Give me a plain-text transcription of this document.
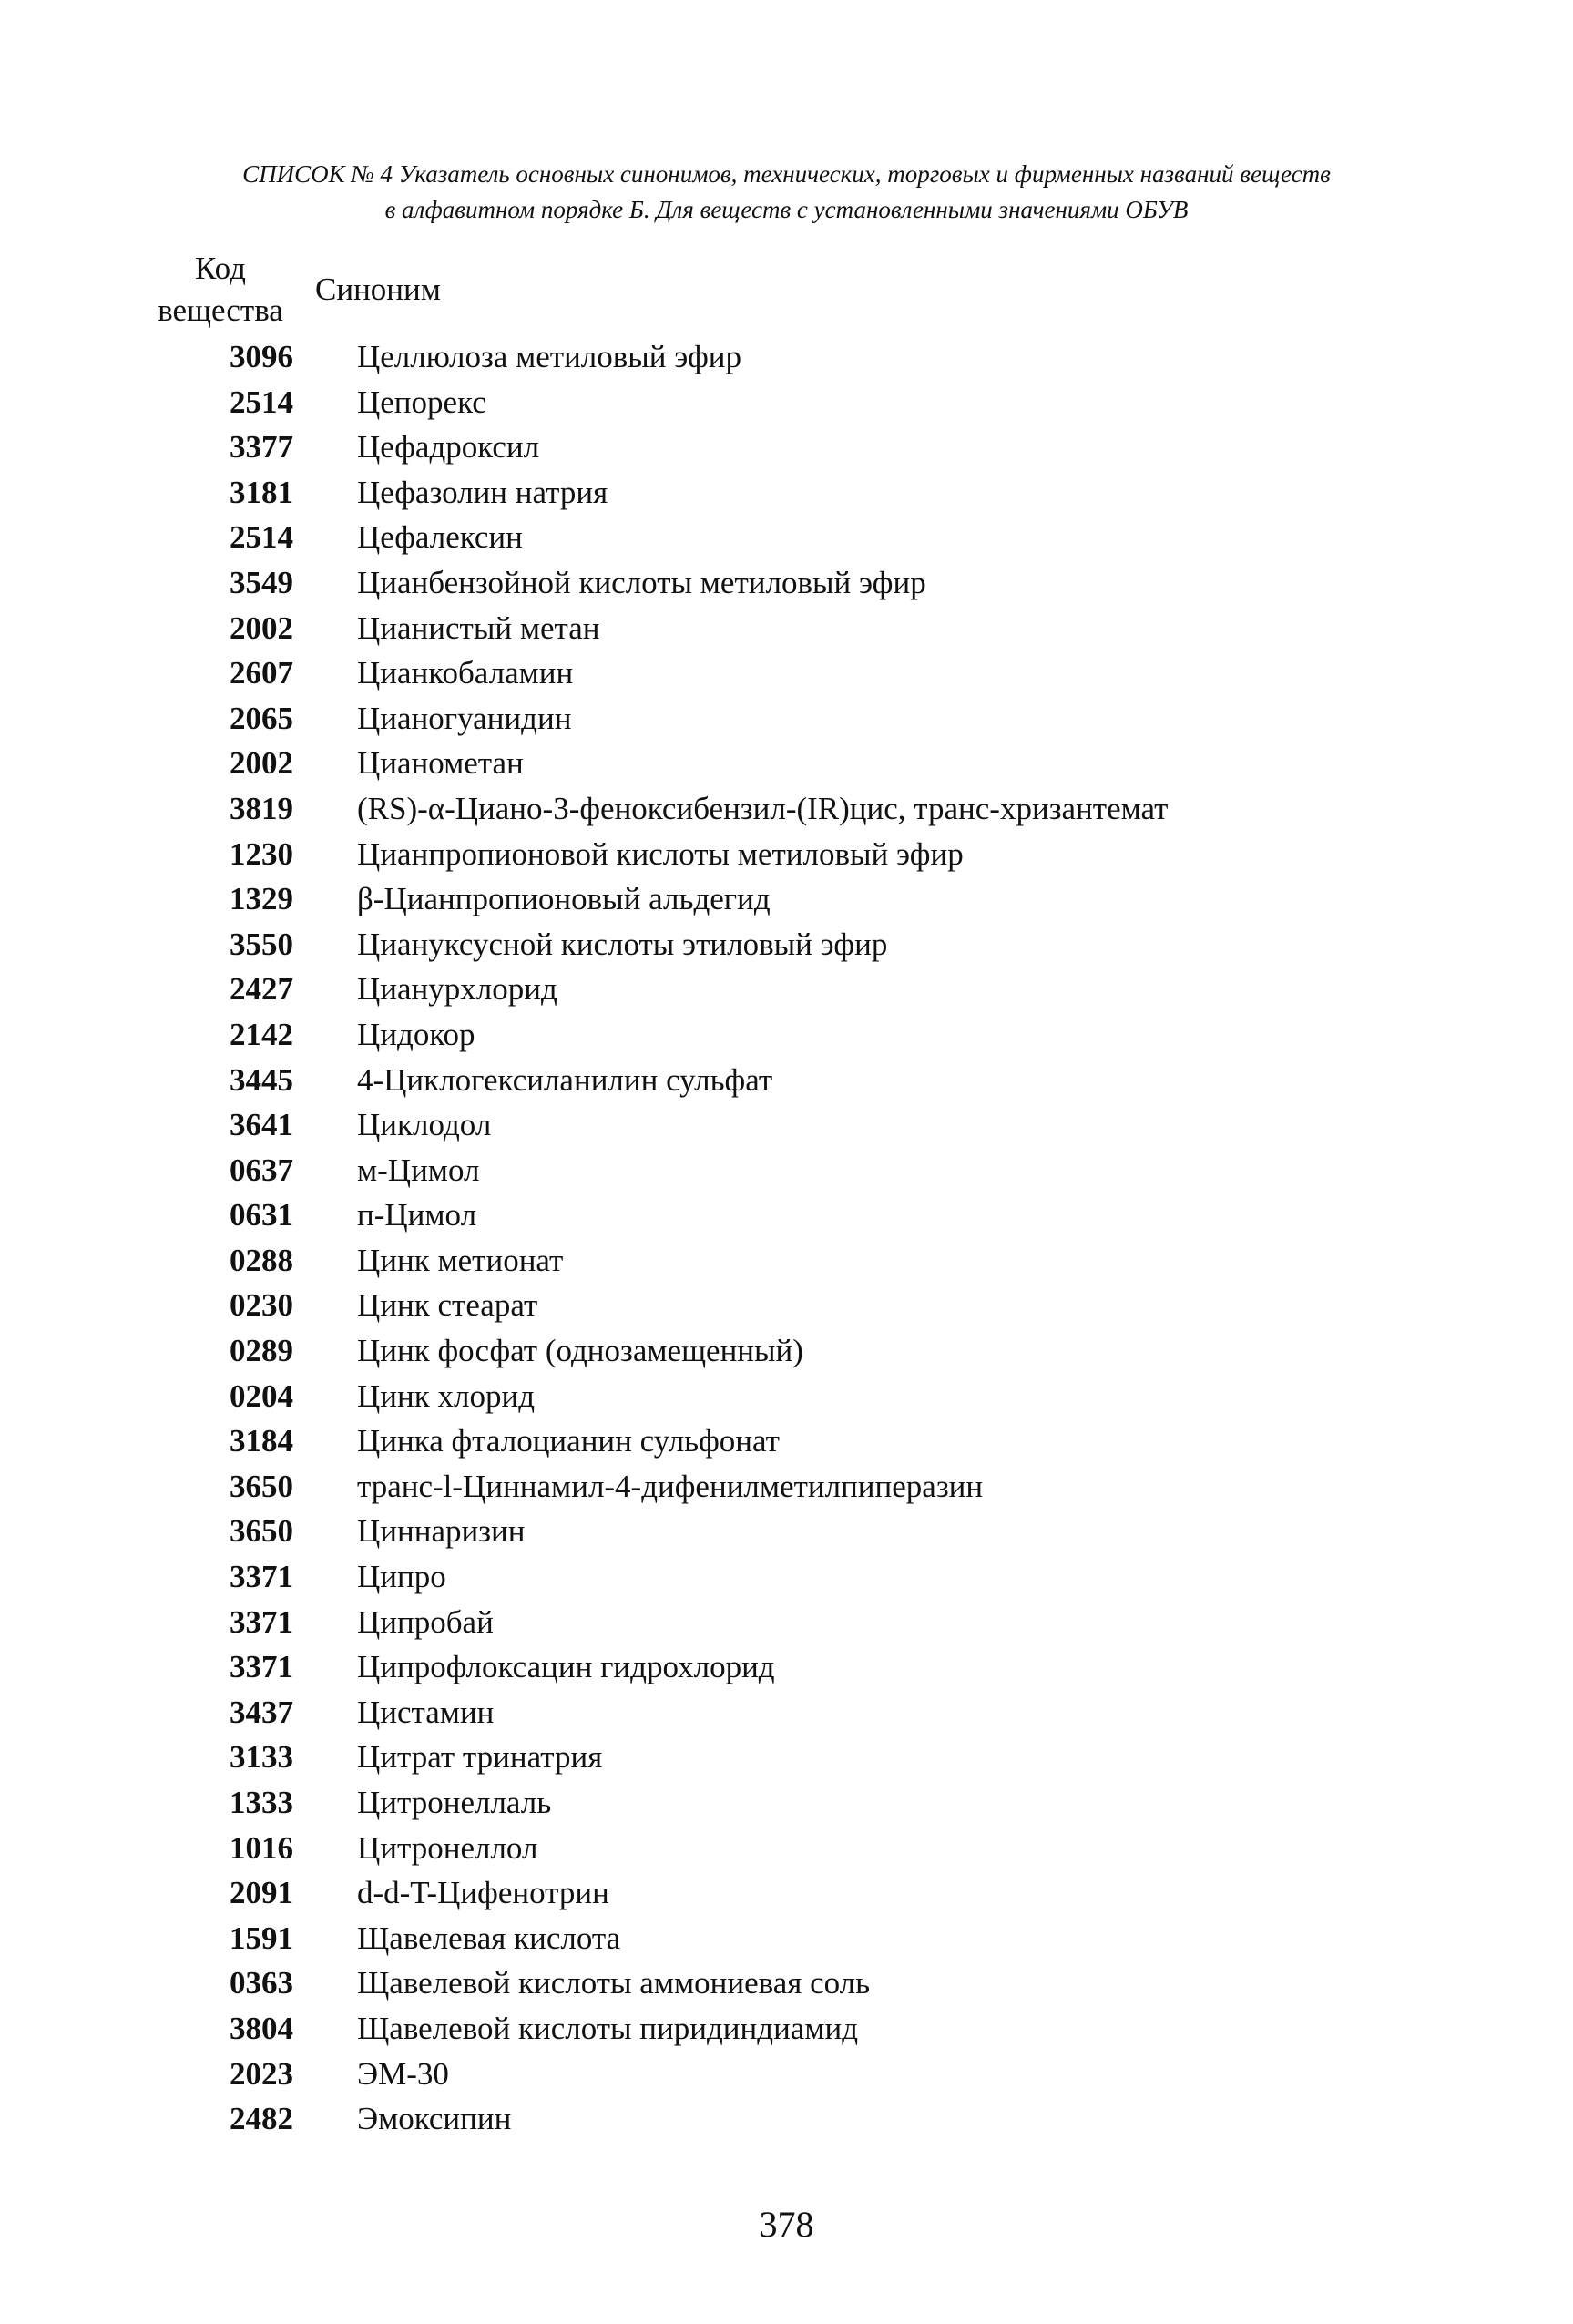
СПИСОК № 4 Указатель основных синонимов, технических, торговых и фирменных названий веществ
в алфавитном порядке Б. Для веществ с установленными значениями ОБУВ
Код
вещества
Синоним
3096	Целлюлоза метиловый эфир
2514	Цепорекс
3377	Цефадроксил
3181	Цефазолин натрия
2514	Цефалексин
3549	Цианбензойной кислоты метиловый эфир
2002	Цианистый метан
2607	Цианкобаламин
2065	Цианогуанидин
2002	Цианометан
3819	(RS)-α-Циано-3-феноксибензил-(IR)цис, транс-хризантемат
1230	Цианпропионовой кислоты метиловый эфир
1329	β-Цианпропионовый альдегид
3550	Циануксусной кислоты этиловый эфир
2427	Цианурхлорид
2142	Цидокор
3445	4-Циклогексиланилин сульфат
3641	Циклодол
0637	м-Цимол
0631	п-Цимол
0288	Цинк метионат
0230	Цинк стеарат
0289	Цинк фосфат (однозамещенный)
0204	Цинк хлорид
3184	Цинка фталоцианин сульфонат
3650	транс-l-Циннамил-4-дифенилметилпиперазин
3650	Циннаризин
3371	Ципро
3371	Ципробай
3371	Ципрофлоксацин гидрохлорид
3437	Цистамин
3133	Цитрат тринатрия
1333	Цитронеллаль
1016	Цитронеллол
2091	d-d-T-Цифенотрин
1591	Щавелевая кислота
0363	Щавелевой кислоты аммониевая соль
3804	Щавелевой кислоты пиридиндиамид
2023	ЭМ-30
2482	Эмоксипин
378
